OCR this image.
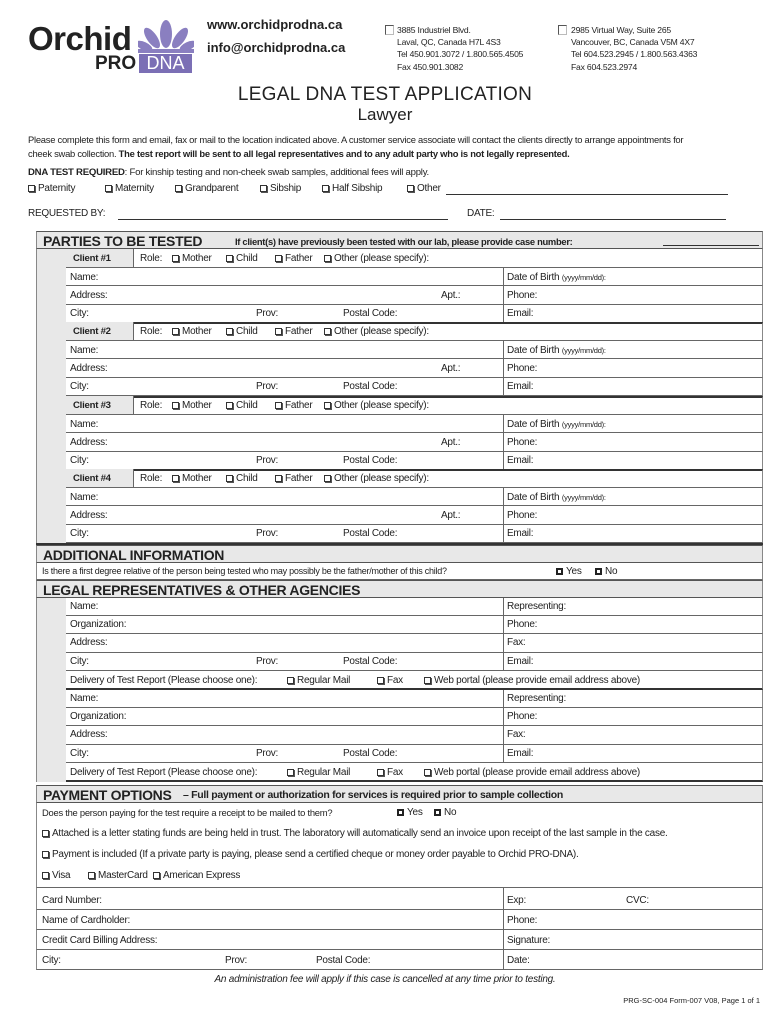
Orchid
PRO DNA
www.orchidprodna.ca
info@orchidprodna.ca
3885 Industriel Blvd.
Laval, QC, Canada H7L 4S3
Tel 450.901.3072 / 1.800.565.4505
Fax 450.901.3082
2985 Virtual Way, Suite 265
Vancouver, BC, Canada V5M 4X7
Tel 604.523.2945 / 1.800.563.4363
Fax 604.523.2974
LEGAL DNA TEST APPLICATION
Lawyer
Please complete this form and email, fax or mail to the location indicated above. A customer service associate will contact the clients directly to arrange appointments for
cheek swab collection. The test report will be sent to all legal representatives and to any adult party who is not legally represented.
DNA TEST REQUIRED: For kinship testing and non-cheek swab samples, additional fees will apply.
Paternity	Maternity	Grandparent	Sibship	Half Sibship	Other
REQUESTED BY:	DATE:
PARTIES TO BE TESTED	If client(s) have previously been tested with our lab, please provide case number:
Client #1	Role:	Mother	Child	Father	Other (please specify):
Name:	Date of Birth (yyyy/mm/dd):
Address:	Apt.:	Phone:
City:	Prov:	Postal Code:	Email:
Client #2	Role:	Mother	Child	Father	Other (please specify):
Name:	Date of Birth (yyyy/mm/dd):
Address:	Apt.:	Phone:
City:	Prov:	Postal Code:	Email:
Client #3	Role:	Mother	Child	Father	Other (please specify):
Name:	Date of Birth (yyyy/mm/dd):
Address:	Apt.:	Phone:
City:	Prov:	Postal Code:	Email:
Client #4	Role:	Mother	Child	Father	Other (please specify):
Name:	Date of Birth (yyyy/mm/dd):
Address:	Apt.:	Phone:
City:	Prov:	Postal Code:	Email:
ADDITIONAL INFORMATION
Is there a first degree relative of the person being tested who may possibly be the father/mother of this child?	Yes	No
LEGAL REPRESENTATIVES & OTHER AGENCIES
Name:	Representing:
Organization:	Phone:
Address:	Fax:
City:	Prov:	Postal Code:	Email:
Delivery of Test Report (Please choose one):	Regular Mail	Fax	Web portal (please provide email address above)
Name:	Representing:
Organization:	Phone:
Address:	Fax:
City:	Prov:	Postal Code:	Email:
Delivery of Test Report (Please choose one):	Regular Mail	Fax	Web portal (please provide email address above)
PAYMENT OPTIONS – Full payment or authorization for services is required prior to sample collection
Does the person paying for the test require a receipt to be mailed to them?	Yes	No
Attached is a letter stating funds are being held in trust. The laboratory will automatically send an invoice upon receipt of the last sample in the case.
Payment is included (If a private party is paying, please send a certified cheque or money order payable to Orchid PRO-DNA).
Visa	MasterCard	American Express
Card Number:	Exp:	CVC:
Name of Cardholder:	Phone:
Credit Card Billing Address:	Signature:
City:	Prov:	Postal Code:	Date:
An administration fee will apply if this case is cancelled at any time prior to testing.
PRG-SC-004 Form-007 V08, Page 1 of 1
